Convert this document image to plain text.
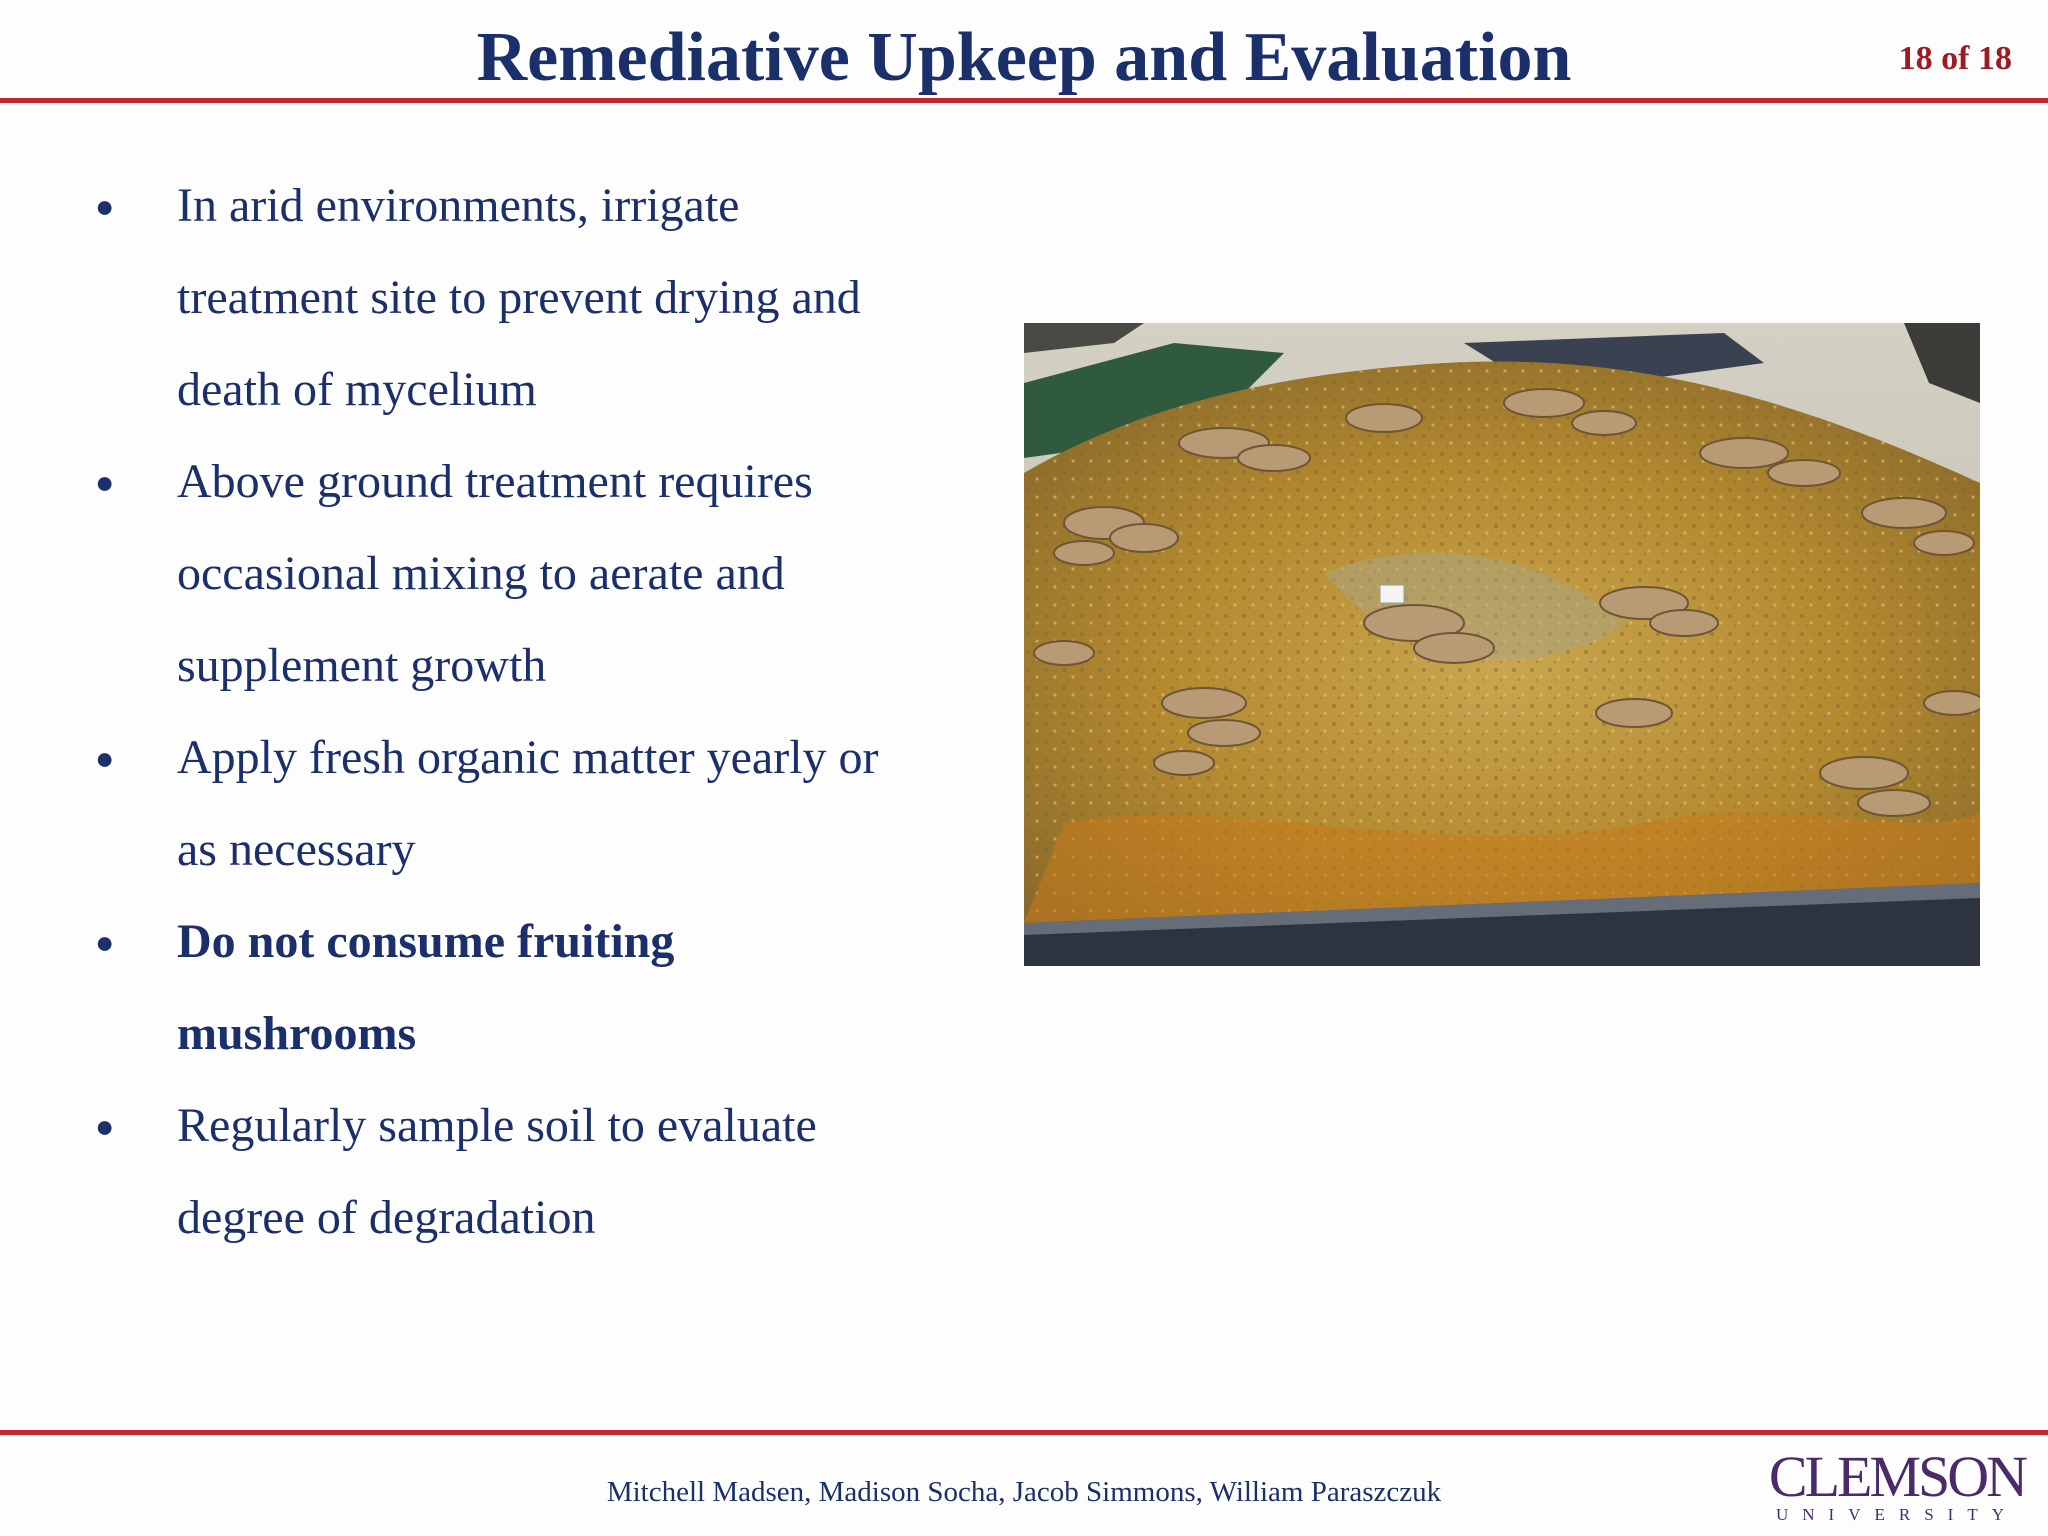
Remediative Upkeep and Evaluation	18 of 18
● In arid environments, irrigate
treatment site to prevent drying and
death of mycelium
● Above ground treatment requires
occasional mixing to aerate and
supplement growth
● Apply fresh organic matter yearly or
as necessary
● Do not consume fruiting
mushrooms
● Regularly sample soil to evaluate
degree of degradation
Mitchell Madsen, Madison Socha, Jacob Simmons, William Paraszczuk	CLEMSON
UNIVERSITY
